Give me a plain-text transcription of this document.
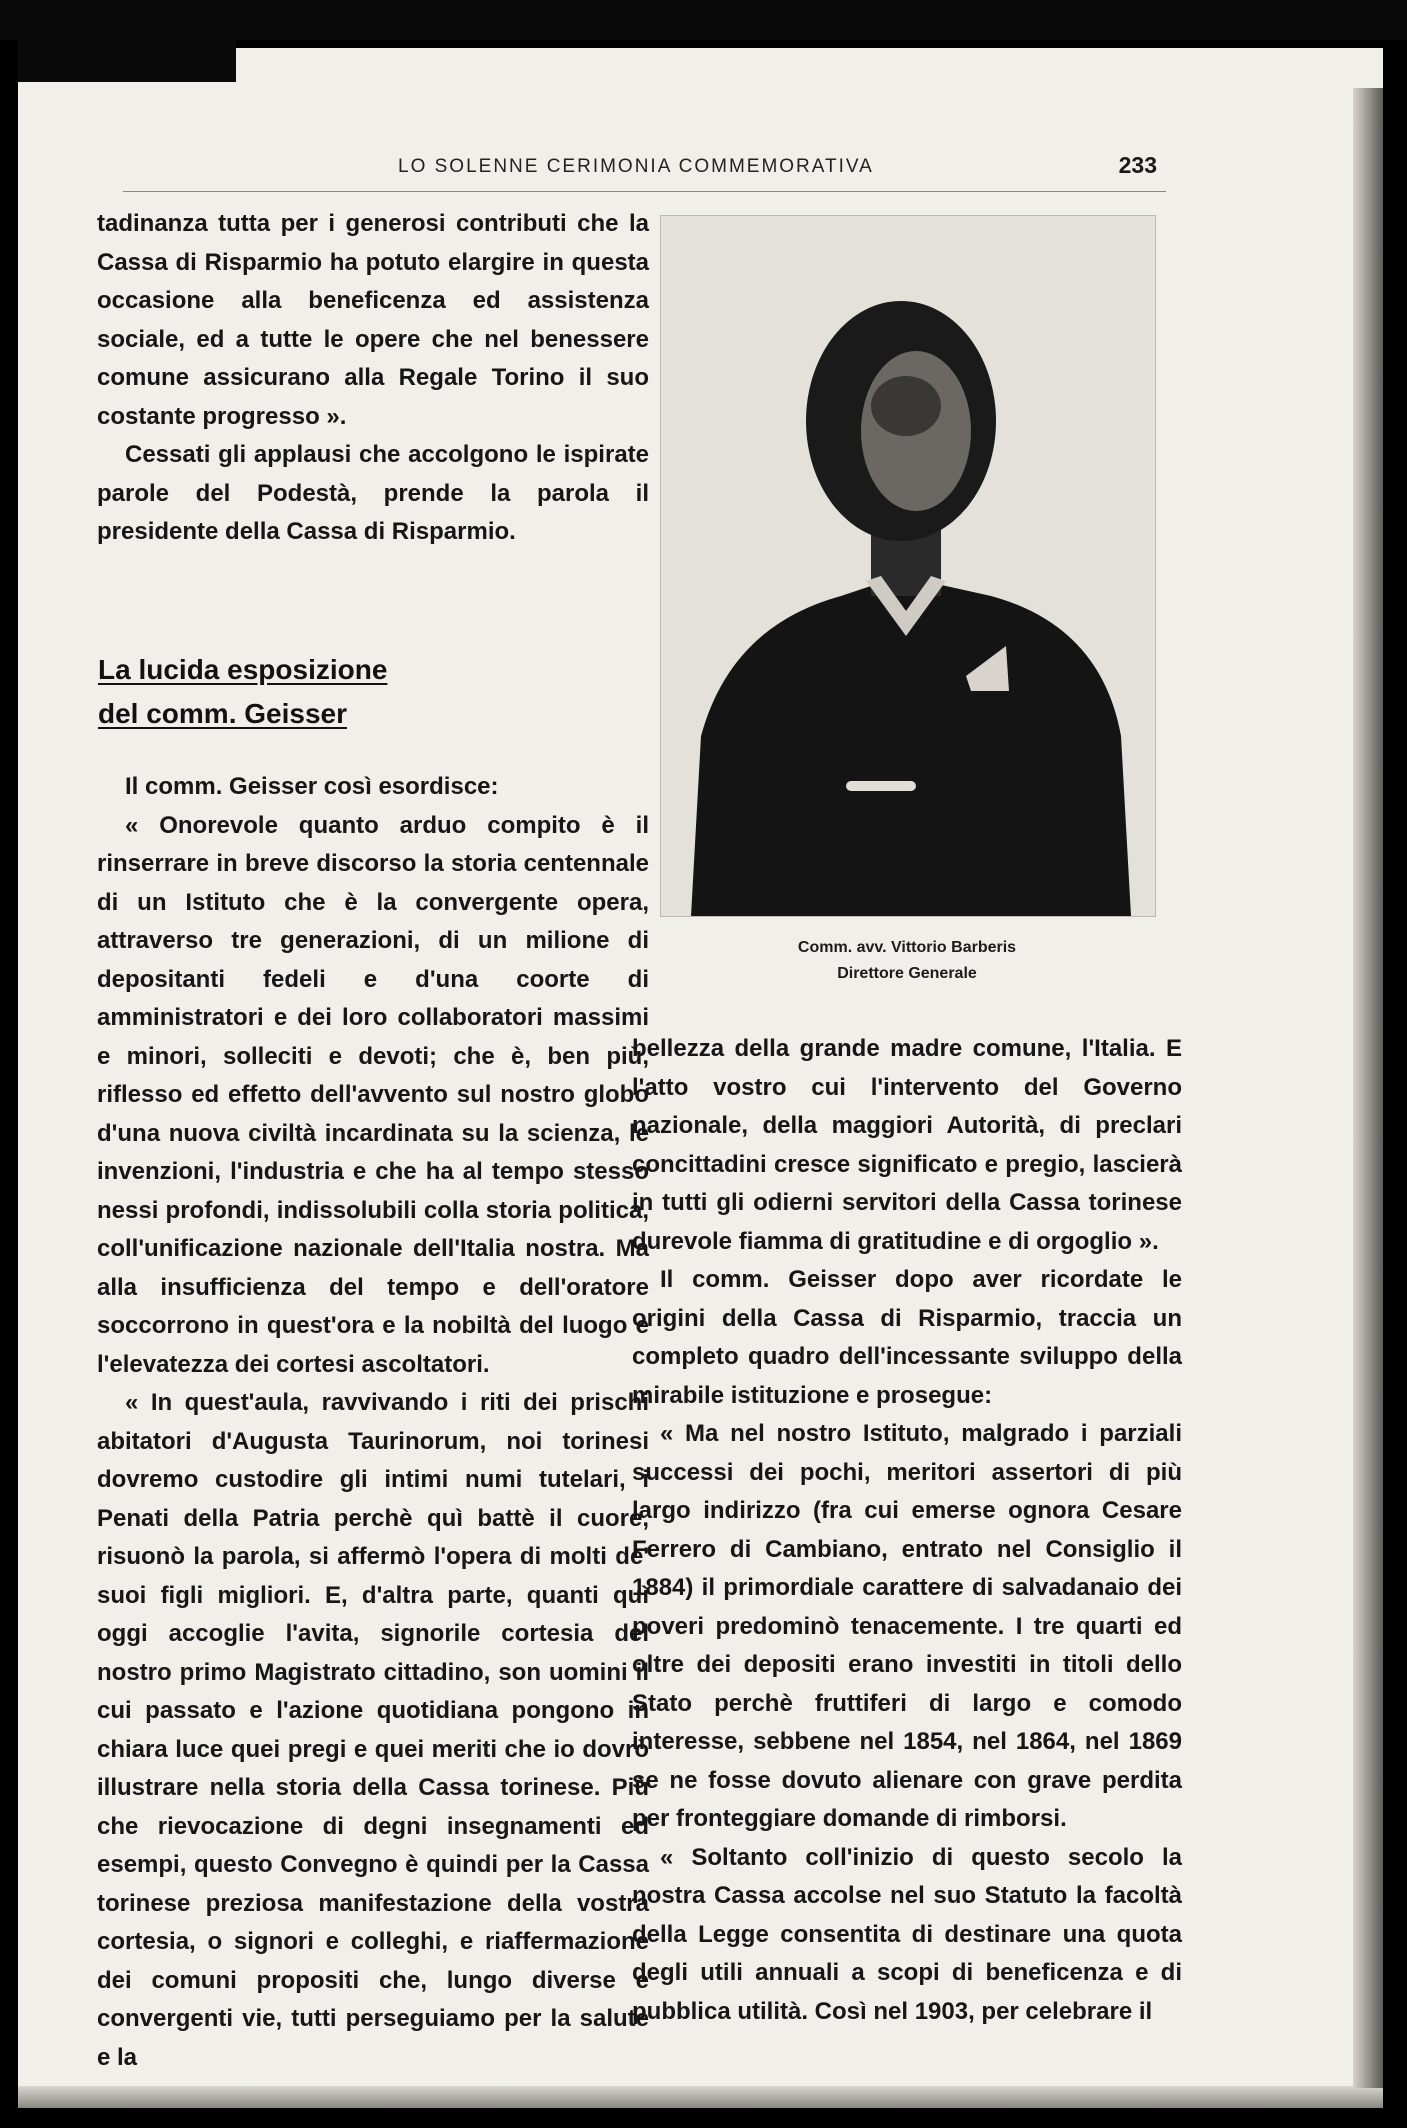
LO SOLENNE CERIMONIA COMMEMORATIVA	233

tadinanza tutta per i generosi contributi che la Cassa di Risparmio ha potuto elargire in questa occasione alla beneficenza ed assistenza sociale, ed a tutte le opere che nel benessere comune assicurano alla Regale Torino il suo costante progresso ».

Cessati gli applausi che accolgono le ispirate parole del Podestà, prende la parola il presidente della Cassa di Risparmio.

La lucida esposizione
del comm. Geisser

Il comm. Geisser così esordisce:

« Onorevole quanto arduo compito è il rinserrare in breve discorso la storia centennale di un Istituto che è la convergente opera, attraverso tre generazioni, di un milione di depositanti fedeli e d'una coorte di amministratori e dei loro collaboratori massimi e minori, solleciti e devoti; che è, ben più, riflesso ed effetto dell'avvento sul nostro globo d'una nuova civiltà incardinata su la scienza, le invenzioni, l'industria e che ha al tempo stesso nessi profondi, indissolubili colla storia politica, coll'unificazione nazionale dell'Italia nostra. Ma alla insufficienza del tempo e dell'oratore soccorrono in quest'ora e la nobiltà del luogo e l'elevatezza dei cortesi ascoltatori.

« In quest'aula, ravvivando i riti dei prischi abitatori d'Augusta Taurinorum, noi torinesi dovremo custodire gli intimi numi tutelari, i Penati della Patria perchè quì battè il cuore, risuonò la parola, si affermò l'opera di molti de' suoi figli migliori. E, d'altra parte, quanti quì oggi accoglie l'avita, signorile cortesia del nostro primo Magistrato cittadino, son uomini il cui passato e l'azione quotidiana pongono in chiara luce quei pregi e quei meriti che io dovrò illustrare nella storia della Cassa torinese. Più che rievocazione di degni insegnamenti ed esempi, questo Convegno è quindi per la Cassa torinese preziosa manifestazione della vostra cortesia, o signori e colleghi, e riaffermazione dei comuni propositi che, lungo diverse e convergenti vie, tutti perseguiamo per la salute e la

Comm. avv. Vittorio Barberis
Direttore Generale

bellezza della grande madre comune, l'Italia. E l'atto vostro cui l'intervento del Governo nazionale, della maggiori Autorità, di preclari concittadini cresce significato e pregio, lascierà in tutti gli odierni servitori della Cassa torinese durevole fiamma di gratitudine e di orgoglio ».

Il comm. Geisser dopo aver ricordate le origini della Cassa di Risparmio, traccia un completo quadro dell'incessante sviluppo della mirabile istituzione e prosegue:

« Ma nel nostro Istituto, malgrado i parziali successi dei pochi, meritori assertori di più largo indirizzo (fra cui emerse ognora Cesare Ferrero di Cambiano, entrato nel Consiglio il 1884) il primordiale carattere di salvadanaio dei poveri predominò tenacemente. I tre quarti ed oltre dei depositi erano investiti in titoli dello Stato perchè fruttiferi di largo e comodo interesse, sebbene nel 1854, nel 1864, nel 1869 se ne fosse dovuto alienare con grave perdita per fronteggiare domande di rimborsi.

« Soltanto coll'inizio di questo secolo la nostra Cassa accolse nel suo Statuto la facoltà della Legge consentita di destinare una quota degli utili annuali a scopi di beneficenza e di pubblica utilità. Così nel 1903, per celebrare il
